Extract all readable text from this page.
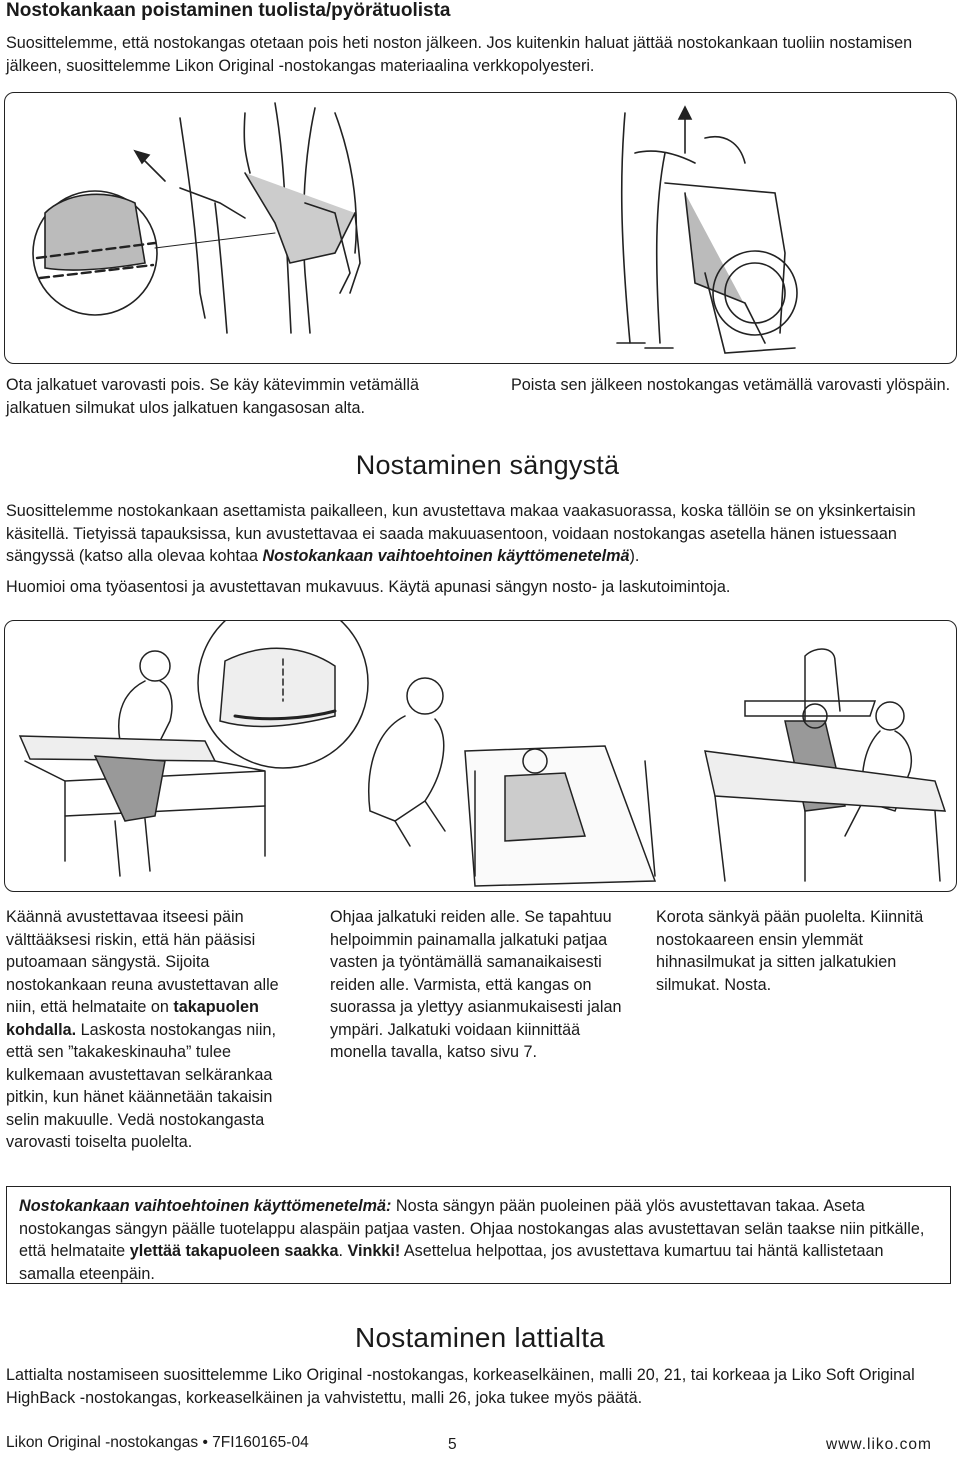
Nostokankaan poistaminen tuolista/pyörätuolista
Suosittelemme, että nostokangas otetaan pois heti noston jälkeen. Jos kuitenkin haluat jättää nostokankaan tuoliin nostamisen jälkeen, suosittelemme Likon Original -nostokangas materiaalina verkkopolyesteri.
Ota jalkatuet varovasti pois. Se käy kätevimmin vetämällä jalkatuen silmukat ulos jalkatuen kangasosan alta.
Poista sen jälkeen nostokangas vetämällä varovasti ylöspäin.
Nostaminen sängystä
Suosittelemme nostokankaan asettamista paikalleen, kun avustettava makaa vaakasuorassa, koska tällöin se on yksinkertaisin käsitellä. Tietyissä tapauksissa, kun avustettavaa ei saada makuuasentoon, voidaan nostokangas asetella hänen istuessaan sängyssä (katso alla olevaa kohtaa Nostokankaan vaihtoehtoinen käyttömenetelmä).
Huomioi oma työasentosi ja avustettavan mukavuus. Käytä apunasi sängyn nosto- ja laskutoimintoja.
Käännä avustettavaa itseesi päin välttääksesi riskin, että hän pääsisi putoamaan sängystä. Sijoita nostokankaan reuna avustettavan alle niin, että helmataite on takapuolen kohdalla. Laskosta nostokangas niin, että sen ”takakeskinauha” tulee kulkemaan avustettavan selkärankaa pitkin, kun hänet käännetään takaisin selin makuulle. Vedä nostokangasta varovasti toiselta puolelta.
Ohjaa jalkatuki reiden alle. Se tapahtuu helpoimmin painamalla jalkatuki patjaa vasten ja työntämällä samanaikaisesti reiden alle. Varmista, että kangas on suorassa ja ylettyy asianmukaisesti jalan ympäri. Jalkatuki voidaan kiinnittää monella tavalla, katso sivu 7.
Korota sänkyä pään puolelta. Kiinnitä nostokaareen ensin ylemmät hihnasilmukat ja sitten jalkatukien silmukat. Nosta.
Nostokankaan vaihtoehtoinen käyttömenetelmä: Nosta sängyn pään puoleinen pää ylös avustettavan takaa. Aseta nostokangas sängyn päälle tuotelappu alaspäin patjaa vasten. Ohjaa nostokangas alas avustettavan selän taakse niin pitkälle, että helmataite ylettää takapuoleen saakka. Vinkki! Asettelua helpottaa, jos avustettava kumartuu tai häntä kallistetaan samalla eteenpäin.
Nostaminen lattialta
Lattialta nostamiseen suosittelemme Liko Original -nostokangas, korkeaselkäinen, malli 20, 21, tai korkeaa ja Liko Soft Original HighBack -nostokangas, korkeaselkäinen ja vahvistettu, malli 26, joka tukee myös päätä.
Likon Original -nostokangas • 7FI160165-04	5	www.liko.com
